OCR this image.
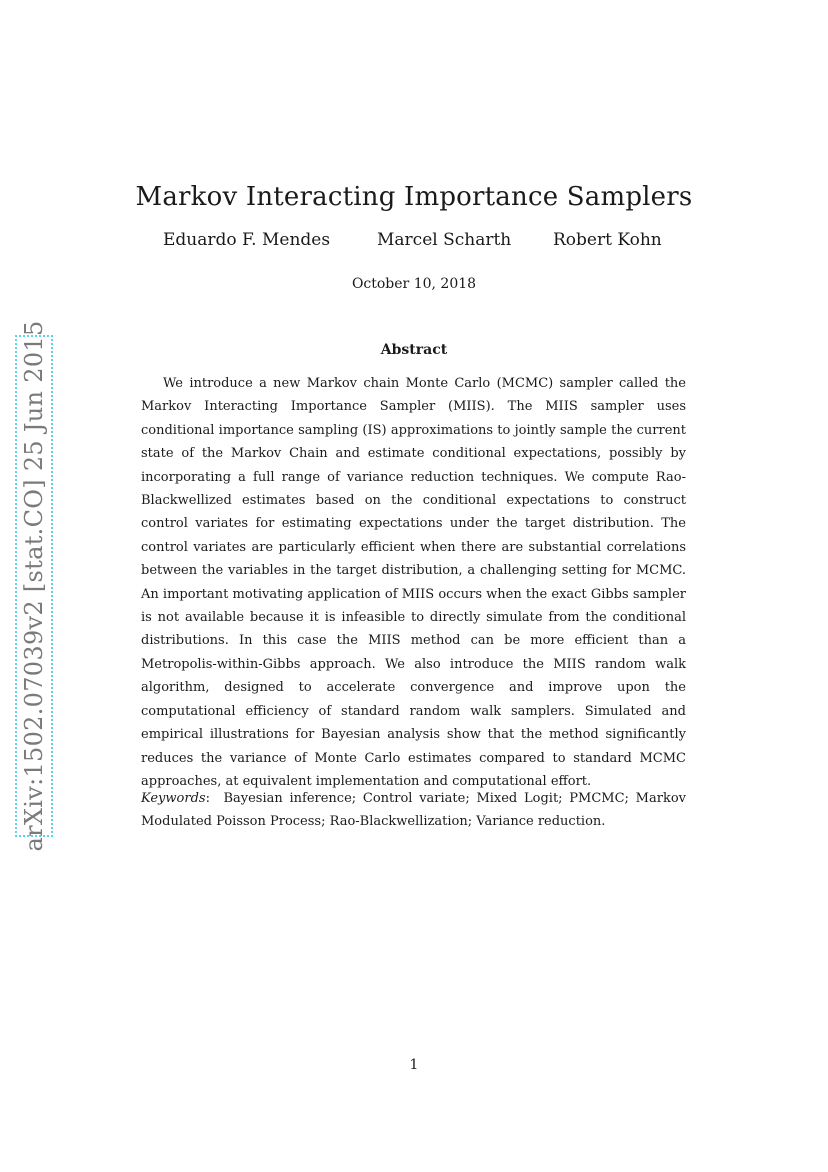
arXiv:1502.07039v2 [stat.CO] 25 Jun 2015
Markov Interacting Importance Samplers
Eduardo F. Mendes	Marcel Scharth Robert Kohn
October 10, 2018
Abstract

We introduce a new Markov chain Monte Carlo (MCMC) sampler called the Markov Interacting Importance Sampler (MIIS). The MIIS sampler uses conditional importance sampling (IS) approximations to jointly sample the current state of the Markov Chain and estimate conditional expectations, possibly by incorporating a full range of variance reduction techniques. We compute Rao-Blackwellized estimates based on the conditional expectations to construct control variates for estimating expectations under the target distribution. The control variates are particularly efficient when there are substantial correlations between the variables in the target distribution, a challenging setting for MCMC. An important motivating application of MIIS occurs when the exact Gibbs sampler is not available because it is infeasible to directly simulate from the conditional distributions. In this case the MIIS method can be more efficient than a Metropolis-within-Gibbs approach. We also introduce the MIIS random walk algorithm, designed to accelerate convergence and improve upon the computational efficiency of standard random walk samplers. Simulated and empirical illustrations for Bayesian analysis show that the method significantly reduces the variance of Monte Carlo estimates compared to standard MCMC approaches, at equivalent implementation and computational effort.

Keywords:  Bayesian inference; Control variate; Mixed Logit; PMCMC; Markov Modulated Poisson Process; Rao-Blackwellization; Variance reduction.

1
